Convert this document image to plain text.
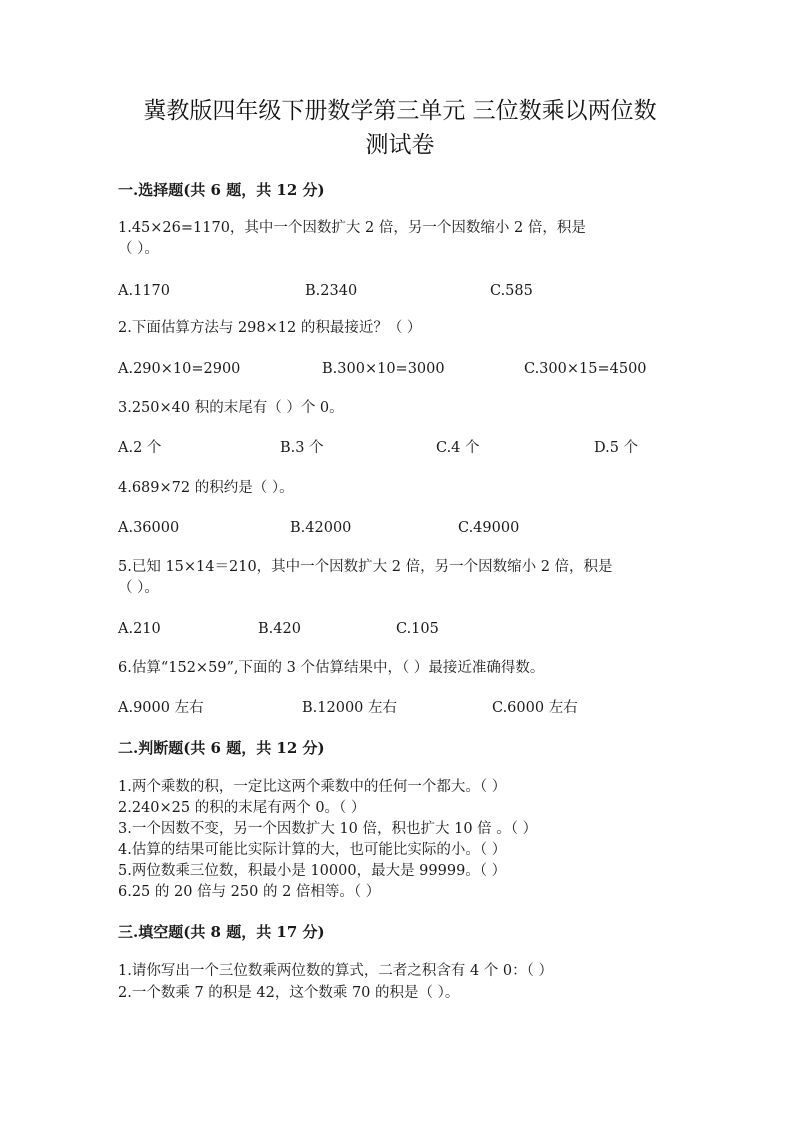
冀教版四年级下册数学第三单元 三位数乘以两位数
测试卷
一.选择题(共 6 题，共 12 分)
1.45×26=1170，其中一个因数扩大 2 倍，另一个因数缩小 2 倍，积是
（ ）。
A.1170	B.2340	C.585
2.下面估算方法与 298×12 的积最接近？（ ）
A.290×10=2900	B.300×10=3000	C.300×15=4500
3.250×40 积的末尾有（ ）个 0。
A.2 个	B.3 个	C.4 个	D.5 个
4.689×72 的积约是（ ）。
A.36000	B.42000	C.49000
5.已知 15×14＝210，其中一个因数扩大 2 倍，另一个因数缩小 2 倍，积是
（ ）。
A.210	B.420	C.105
6.估算“152×59”,下面的 3 个估算结果中，（ ）最接近准确得数。
A.9000 左右	B.12000 左右	C.6000 左右
二.判断题(共 6 题，共 12 分)
1.两个乘数的积，一定比这两个乘数中的任何一个都大。（ ）
2.240×25 的积的末尾有两个 0。（ ）
3.一个因数不变，另一个因数扩大 10 倍，积也扩大 10 倍 。（ ）
4.估算的结果可能比实际计算的大，也可能比实际的小。（ ）
5.两位数乘三位数，积最小是 10000，最大是 99999。（ ）
6.25 的 20 倍与 250 的 2 倍相等。（ ）
三.填空题(共 8 题，共 17 分)
1.请你写出一个三位数乘两位数的算式，二者之积含有 4 个 0：（ ）
2.一个数乘 7 的积是 42，这个数乘 70 的积是（ ）。
